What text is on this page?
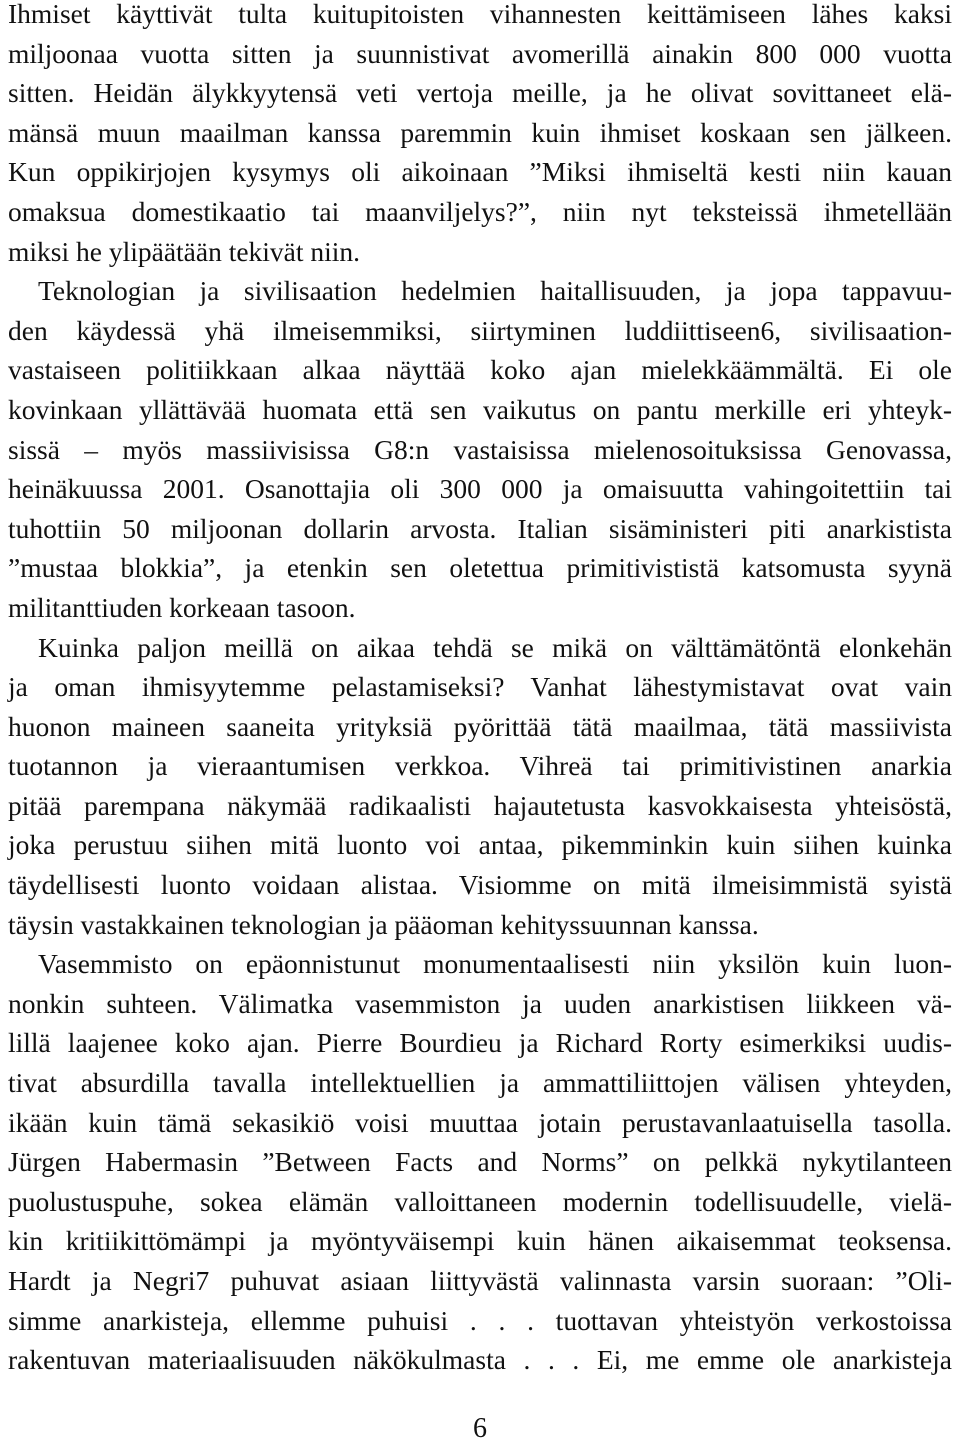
Ihmiset käyttivät tulta kuitupitoisten vihannesten keittämiseen lähes kaksi
miljoonaa vuotta sitten ja suunnistivat avomerillä ainakin 800 000 vuotta
sitten. Heidän älykkyytensä veti vertoja meille, ja he olivat sovittaneet elä-
mänsä muun maailman kanssa paremmin kuin ihmiset koskaan sen jälkeen.
Kun oppikirjojen kysymys oli aikoinaan ”Miksi ihmiseltä kesti niin kauan
omaksua domestikaatio tai maanviljelys?”, niin nyt teksteissä ihmetellään
miksi he ylipäätään tekivät niin.
Teknologian ja sivilisaation hedelmien haitallisuuden, ja jopa tappavuu-
den käydessä yhä ilmeisemmiksi, siirtyminen luddiittiseen6, sivilisaation-
vastaiseen politiikkaan alkaa näyttää koko ajan mielekkäämmältä. Ei ole
kovinkaan yllättävää huomata että sen vaikutus on pantu merkille eri yhteyk-
sissä – myös massiivisissa G8:n vastaisissa mielenosoituksissa Genovassa,
heinäkuussa 2001. Osanottajia oli 300 000 ja omaisuutta vahingoitettiin tai
tuhottiin 50 miljoonan dollarin arvosta. Italian sisäministeri piti anarkistista
”mustaa blokkia”, ja etenkin sen oletettua primitivististä katsomusta syynä
militanttiuden korkeaan tasoon.
Kuinka paljon meillä on aikaa tehdä se mikä on välttämätöntä elonkehän
ja oman ihmisyytemme pelastamiseksi? Vanhat lähestymistavat ovat vain
huonon maineen saaneita yrityksiä pyörittää tätä maailmaa, tätä massiivista
tuotannon ja vieraantumisen verkkoa. Vihreä tai primitivistinen anarkia
pitää parempana näkymää radikaalisti hajautetusta kasvokkaisesta yhteisöstä,
joka perustuu siihen mitä luonto voi antaa, pikemminkin kuin siihen kuinka
täydellisesti luonto voidaan alistaa. Visiomme on mitä ilmeisimmistä syistä
täysin vastakkainen teknologian ja pääoman kehityssuunnan kanssa.
Vasemmisto on epäonnistunut monumentaalisesti niin yksilön kuin luon-
nonkin suhteen. Välimatka vasemmiston ja uuden anarkistisen liikkeen vä-
lillä laajenee koko ajan. Pierre Bourdieu ja Richard Rorty esimerkiksi uudis-
tivat absurdilla tavalla intellektuellien ja ammattiliittojen välisen yhteyden,
ikään kuin tämä sekasikiö voisi muuttaa jotain perustavanlaatuisella tasolla.
Jürgen Habermasin ”Between Facts and Norms” on pelkkä nykytilanteen
puolustuspuhe, sokea elämän valloittaneen modernin todellisuudelle, vielä-
kin kritiikittömämpi ja myöntyväisempi kuin hänen aikaisemmat teoksensa.
Hardt ja Negri7 puhuvat asiaan liittyvästä valinnasta varsin suoraan: ”Oli-
simme anarkisteja, ellemme puhuisi . . . tuottavan yhteistyön verkostoissa
rakentuvan materiaalisuuden näkökulmasta . . . Ei, me emme ole anarkisteja
6
